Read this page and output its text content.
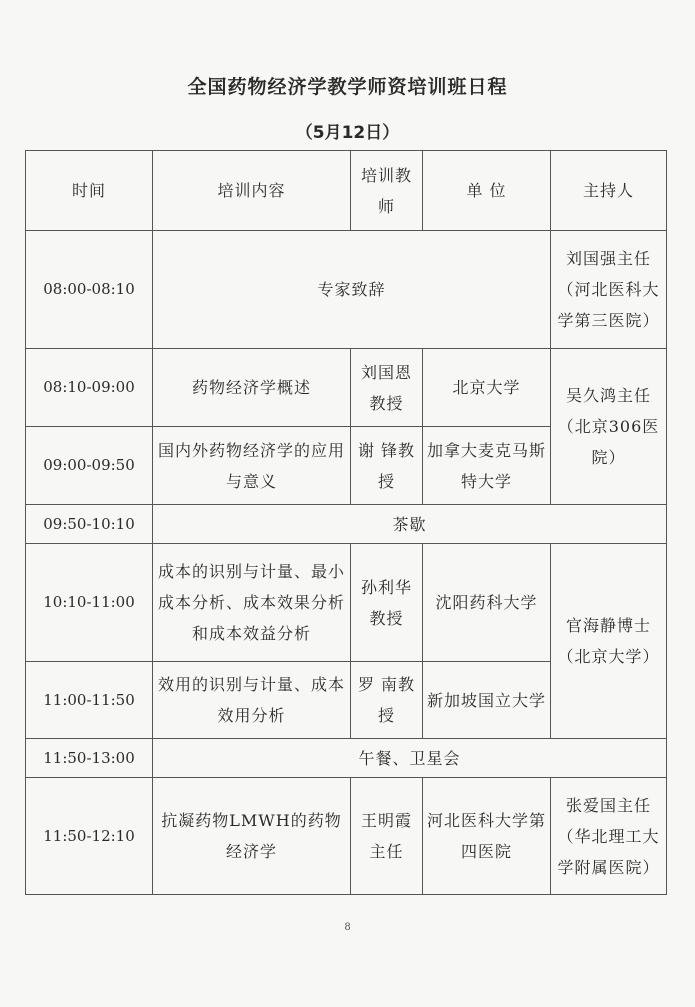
全国药物经济学教学师资培训班日程
（5月12日）
时间	培训内容	培训教师	单 位	主持人
08:00-08:10	专家致辞			刘国强主任（河北医科大学第三医院）
08:10-09:00	药物经济学概述	刘国恩教授	北京大学	吴久鸿主任（北京306医院）
09:00-09:50	国内外药物经济学的应用与意义	谢 锋教授	加拿大麦克马斯特大学	
09:50-10:10	茶歇			
10:10-11:00	成本的识别与计量、最小成本分析、成本效果分析和成本效益分析	孙利华教授	沈阳药科大学	官海静博士（北京大学）
11:00-11:50	效用的识别与计量、成本效用分析	罗 南教授	新加坡国立大学	
11:50-13:00	午餐、卫星会			
11:50-12:10	抗凝药物LMWH的药物经济学	王明霞主任	河北医科大学第四医院	张爱国主任（华北理工大学附属医院）
8
